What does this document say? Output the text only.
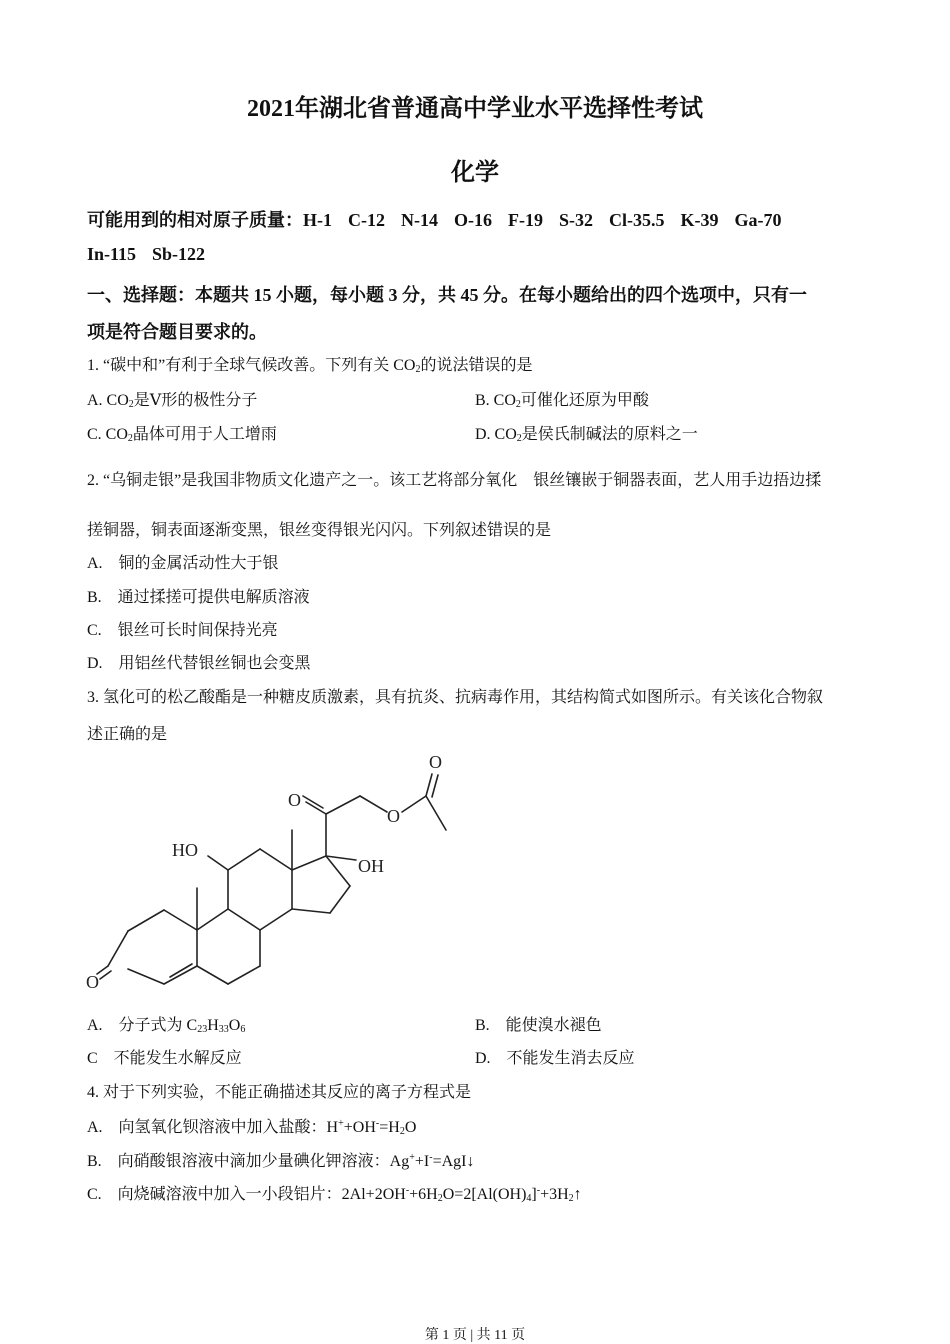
2021年湖北省普通高中学业水平选择性考试
化学
可能用到的相对原子质量：H-1 C-12 N-14 O-16 F-19 S-32 Cl-35.5 K-39 Ga-70
In-115 Sb-122
一、选择题：本题共 15 小题，每小题 3 分，共 45 分。在每小题给出的四个选项中，只有一
项是符合题目要求的。
1. “碳中和”有利于全球气候改善。下列有关 $CO_2$的说法错误的是
A. $CO_2$是Ⅴ形的极性分子	B. $CO_2$可催化还原为甲酸
C. $CO_2$晶体可用于人工增雨	D. $CO_2$是侯氏制碱法的原料之一
2. “乌铜走银”是我国非物质文化遗产之一。该工艺将部分氧化　银丝镶嵌于铜器表面，艺人用手边捂边揉
搓铜器，铜表面逐渐变黑，银丝变得银光闪闪。下列叙述错误的是
A.　铜的金属活动性大于银
B.　通过揉搓可提供电解质溶液
C.　银丝可长时间保持光亮
D.　用铝丝代替银丝铜也会变黑
3. 氢化可的松乙酸酯是一种糖皮质激素，具有抗炎、抗病毒作用，其结构简式如图所示。有关该化合物叙
述正确的是
O
HO
OH
O
O
O
A.　分子式为 $C_{23}H_{33}O_6$	B.　能使溴水褪色
C　不能发生水解反应	D.　不能发生消去反应
4. 对于下列实验，不能正确描述其反应的离子方程式是
A.　向氢氧化钡溶液中加入盐酸：$H^++OH^-=H_2O$
B.　向硝酸银溶液中滴加少量碘化钾溶液：Ag++I-=AgI↓
C.　向烧碱溶液中加入一小段铝片：$2Al+2OH^-+6H_2O=2[Al(OH)_4]^-+3H_2↑$
第 1 页 | 共 11 页
